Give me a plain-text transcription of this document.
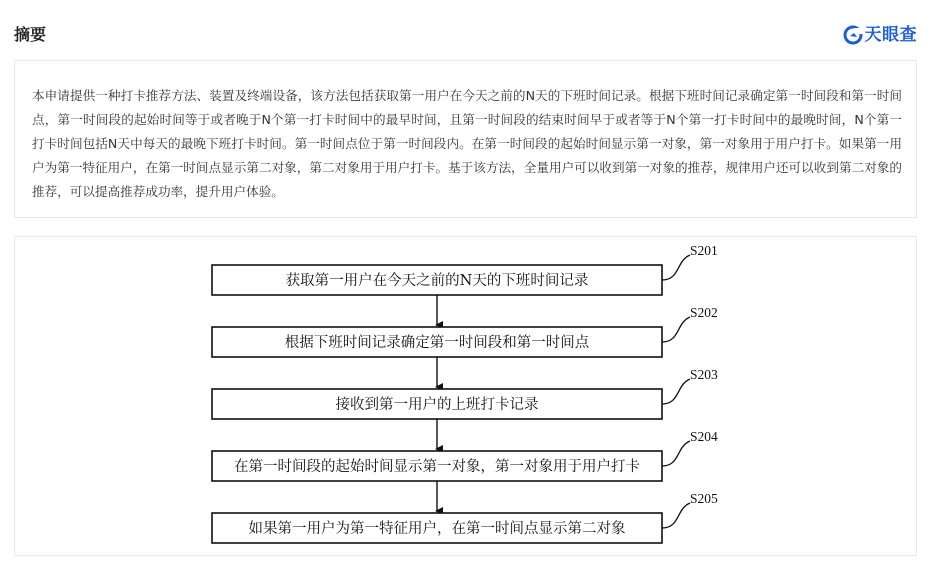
摘要	天眼查

本申请提供一种打卡推荐方法、装置及终端设备，该方法包括获取第一用户在今天之前的N天的下班时间记录。根据下班时间记录确定第一时间段和第一时间点，第一时间段的起始时间等于或者晚于N个第一打卡时间中的最早时间，且第一时间段的结束时间早于或者等于N个第一打卡时间中的最晚时间，N个第一打卡时间包括N天中每天的最晚下班打卡时间。第一时间点位于第一时间段内。在第一时间段的起始时间显示第一对象，第一对象用于用户打卡。如果第一用户为第一特征用户，在第一时间点显示第二对象，第二对象用于用户打卡。基于该方法，全量用户可以收到第一对象的推荐，规律用户还可以收到第二对象的推荐，可以提高推荐成功率，提升用户体验。

获取第一用户在今天之前的N天的下班时间记录
S201
根据下班时间记录确定第一时间段和第一时间点
S202
接收到第一用户的上班打卡记录
S203
在第一时间段的起始时间显示第一对象，第一对象用于用户打卡
S204
如果第一用户为第一特征用户，在第一时间点显示第二对象
S205
